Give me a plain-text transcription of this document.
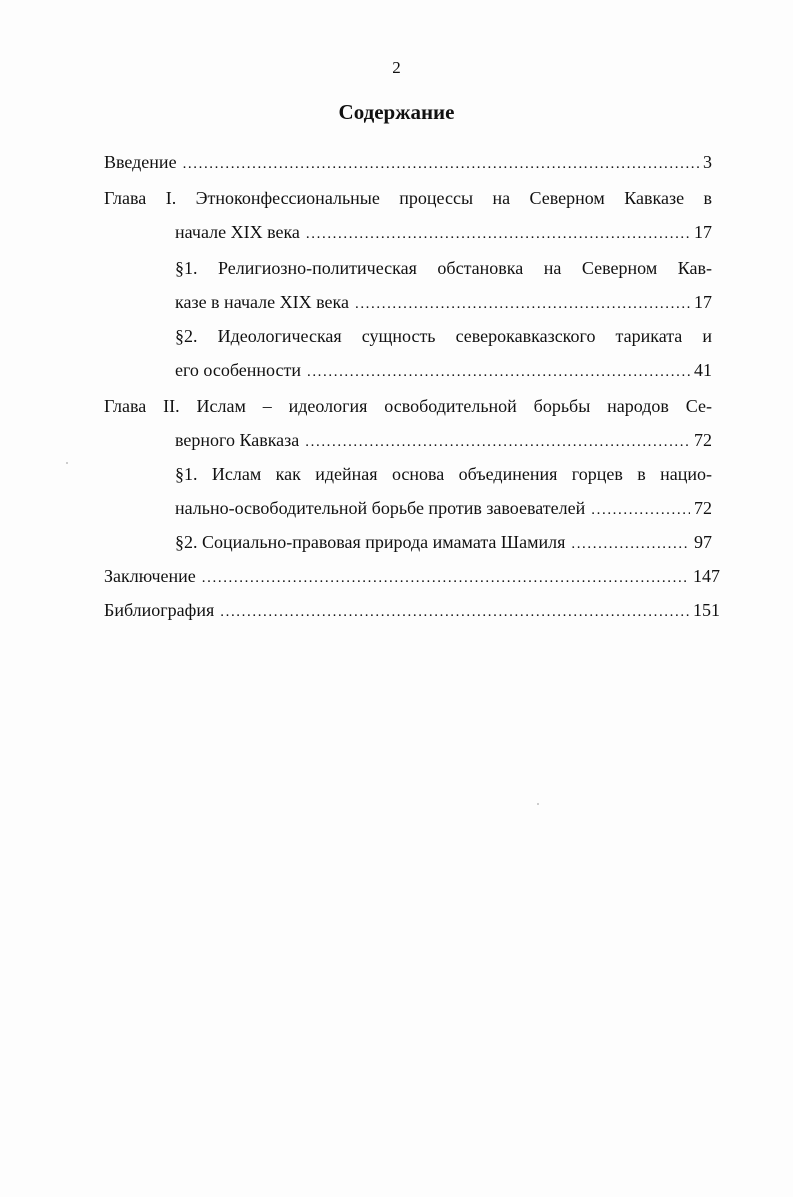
2
Содержание
Введение .....	3
Глава I. Этноконфессиональные процессы на Северном Кавказе в
начале XIX века .....	17
§1. Религиозно-политическая обстановка на Северном Кав-
казе в начале XIX века .....	17
§2. Идеологическая сущность северокавказского тариката и
его особенности .....	41
Глава II. Ислам – идеология освободительной борьбы народов Се-
верного Кавказа .....	72
§1. Ислам как идейная основа объединения горцев в нацио-
нально-освободительной борьбе против завоевателей .....	72
§2. Социально-правовая природа имамата Шамиля .....	97
Заключение .....	147
Библиография .....	151
